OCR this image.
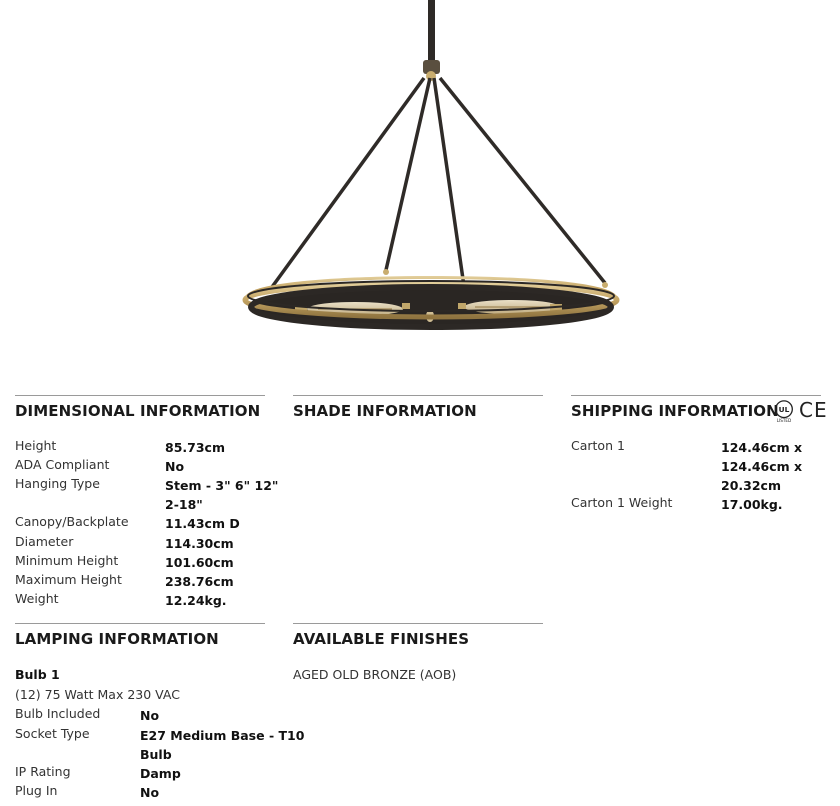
DIMENSIONAL INFORMATION
Height	85.73cm
ADA Compliant	No
Hanging Type	Stem - 3" 6" 12"
2-18"
Canopy/Backplate	11.43cm D
Diameter	114.30cm
Minimum Height	101.60cm
Maximum Height	238.76cm
Weight	12.24kg.
SHADE INFORMATION	SHIPPING INFORMATION UL
LISTED CE
Carton 1	124.46cm x
124.46cm x
20.32cm
Carton 1 Weight	17.00kg.
LAMPING INFORMATION
Bulb 1
(12) 75 Watt Max 230 VAC
Bulb Included	No
Socket Type	E27 Medium Base - T10
Bulb
IP Rating	Damp
Plug In	No
AVAILABLE FINISHES
AGED OLD BRONZE (AOB)
